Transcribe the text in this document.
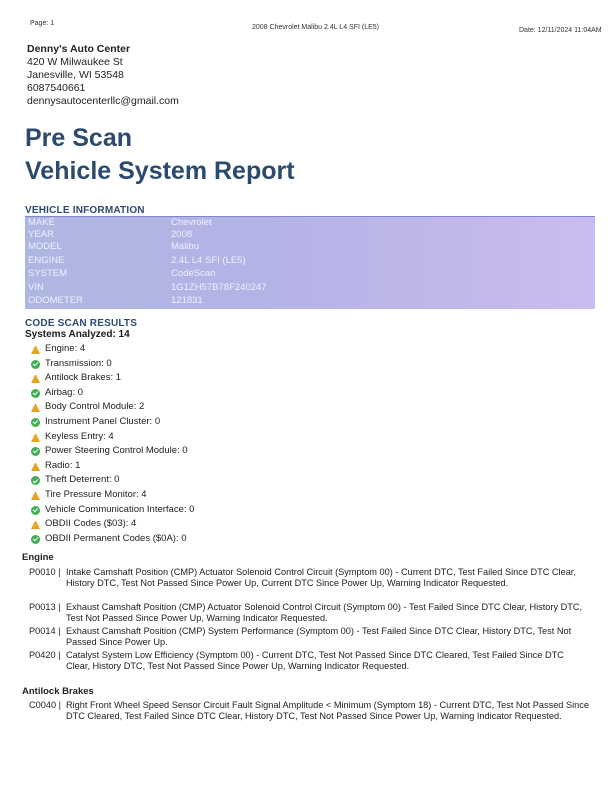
Page: 1
2008 Chevrolet Malibu 2.4L L4 SFI (LE5)	Date: 12/11/2024 11:04AM
Denny's Auto Center
420 W Milwaukee St
Janesville, WI 53548
6087540661
dennysautocenterllc@gmail.com
Pre Scan
Vehicle System Report
VEHICLE INFORMATION
MAKE	Chevrolet
YEAR	2008
MODEL	Malibu
ENGINE	2.4L L4 SFI (LE5)
SYSTEM	CodeScan
VIN	1G1ZH57B78F240247
ODOMETER	121831
CODE SCAN RESULTS
Systems Analyzed: 14
Engine: 4
Transmission: 0
Antilock Brakes: 1
Airbag: 0
Body Control Module: 2
Instrument Panel Cluster: 0
Keyless Entry: 4
Power Steering Control Module: 0
Radio: 1
Theft Deterrent: 0
Tire Pressure Monitor: 4
Vehicle Communication Interface: 0
OBDII Codes ($03): 4
OBDII Permanent Codes ($0A): 0
Engine
P0010 | Intake Camshaft Position (CMP) Actuator Solenoid Control Circuit (Symptom 00) - Current DTC, Test Failed Since DTC Clear, History DTC, Test Not Passed Since Power Up, Current DTC Since Power Up, Warning Indicator Requested.
P0013 | Exhaust Camshaft Position (CMP) Actuator Solenoid Control Circuit (Symptom 00) - Test Failed Since DTC Clear, History DTC, Test Not Passed Since Power Up, Warning Indicator Requested.
P0014 | Exhaust Camshaft Position (CMP) System Performance (Symptom 00) - Test Failed Since DTC Clear, History DTC, Test Not Passed Since Power Up.
P0420 | Catalyst System Low Efficiency (Symptom 00) - Current DTC, Test Not Passed Since DTC Cleared, Test Failed Since DTC Clear, History DTC, Test Not Passed Since Power Up, Warning Indicator Requested.
Antilock Brakes
C0040 | Right Front Wheel Speed Sensor Circuit Fault Signal Amplitude < Minimum (Symptom 18) - Current DTC, Test Not Passed Since DTC Cleared, Test Failed Since DTC Clear, History DTC, Test Not Passed Since Power Up, Warning Indicator Requested.
